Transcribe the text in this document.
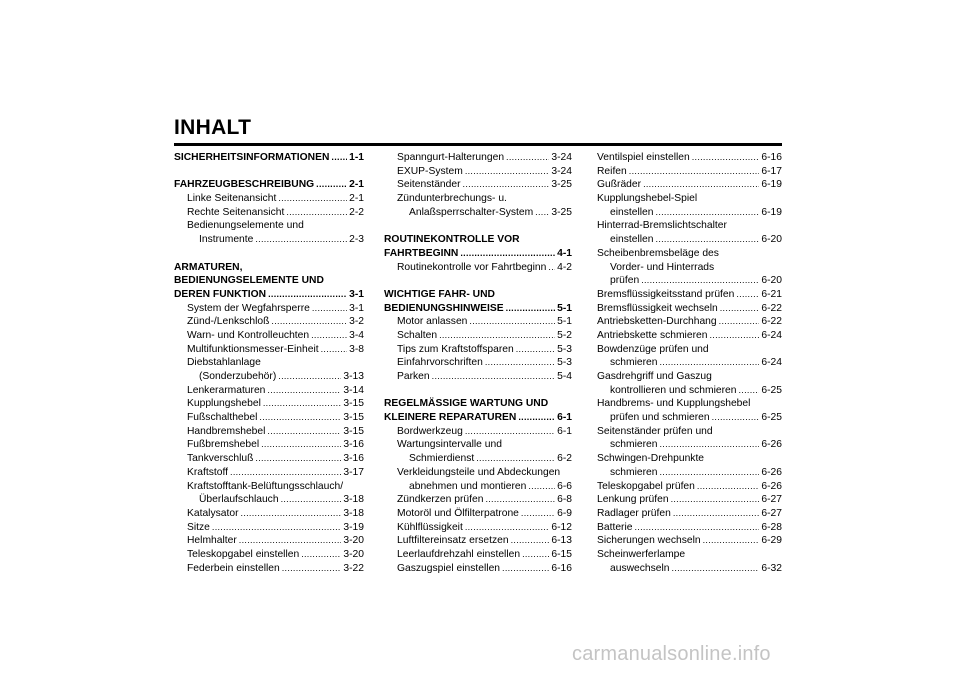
INHALT
SICHERHEITSINFORMATIONEN ..... 1-1
FAHRZEUGBESCHREIBUNG .....	2-1
Linke Seitenansicht .....	2-1
Rechte Seitenansicht .....	2-2
Bedienungselemente und
Instrumente .....	2-3
ARMATUREN,
BEDIENUNGSELEMENTE UND
DEREN FUNKTION .....	3-1
System der Wegfahrsperre .....	3-1
Zünd-/Lenkschloß .....	3-2
Warn- und Kontrolleuchten .....	3-4
Multifunktionsmesser-Einheit .....	3-8
Diebstahlanlage
(Sonderzubehör) .....	3-13
Lenkerarmaturen .....	3-14
Kupplungshebel .....	3-15
Fußschalthebel .....	3-15
Handbremshebel .....	3-15
Fußbremshebel .....	3-16
Tankverschluß .....	3-16
Kraftstoff .....	3-17
Kraftstofftank-Belüftungsschlauch/
Überlaufschlauch .....	3-18
Katalysator .....	3-18
Sitze .....	3-19
Helmhalter .....	3-20
Teleskopgabel einstellen .....	3-20
Federbein einstellen .....	3-22
Spanngurt-Halterungen .....	3-24
EXUP-System .....	3-24
Seitenständer .....	3-25
Zündunterbrechungs- u.
Anlaßsperrschalter-System ..... 3-25
ROUTINEKONTROLLE VOR
FAHRTBEGINN .....	4-1
Routinekontrolle vor Fahrtbeginn ..... 4-2
WICHTIGE FAHR- UND
BEDIENUNGSHINWEISE .....	5-1
Motor anlassen .....	5-1
Schalten .....	5-2
Tips zum Kraftstoffsparen .....	5-3
Einfahrvorschriften .....	5-3
Parken .....	5-4
REGELMÄSSIGE WARTUNG UND
KLEINERE REPARATUREN .....	6-1
Bordwerkzeug .....	6-1
Wartungsintervalle und
Schmierdienst .....	6-2
Verkleidungsteile und Abdeckungen
abnehmen und montieren .....	6-6
Zündkerzen prüfen .....	6-8
Motoröl und Ölfilterpatrone .....	6-9
Kühlflüssigkeit .....	6-12
Luftfiltereinsatz ersetzen .....	6-13
Leerlaufdrehzahl einstellen .....	6-15
Gaszugspiel einstellen .....	6-16
Ventilspiel einstellen .....	6-16
Reifen .....	6-17
Gußräder .....	6-19
Kupplungshebel-Spiel
einstellen .....	6-19
Hinterrad-Bremslichtschalter
einstellen .....	6-20
Scheibenbremsbeläge des
Vorder- und Hinterrads
prüfen .....	6-20
Bremsflüssigkeitsstand prüfen .....	6-21
Bremsflüssigkeit wechseln .....	6-22
Antriebsketten-Durchhang .....	6-22
Antriebskette schmieren .....	6-24
Bowdenzüge prüfen und
schmieren .....	6-24
Gasdrehgriff und Gaszug
kontrollieren und schmieren ..... 6-25
Handbrems- und Kupplungshebel
prüfen und schmieren .....	6-25
Seitenständer prüfen und
schmieren .....	6-26
Schwingen-Drehpunkte
schmieren .....	6-26
Teleskopgabel prüfen .....	6-26
Lenkung prüfen .....	6-27
Radlager prüfen .....	6-27
Batterie .....	6-28
Sicherungen wechseln .....	6-29
Scheinwerferlampe
auswechseln .....	6-32
carmanualsonline.info
